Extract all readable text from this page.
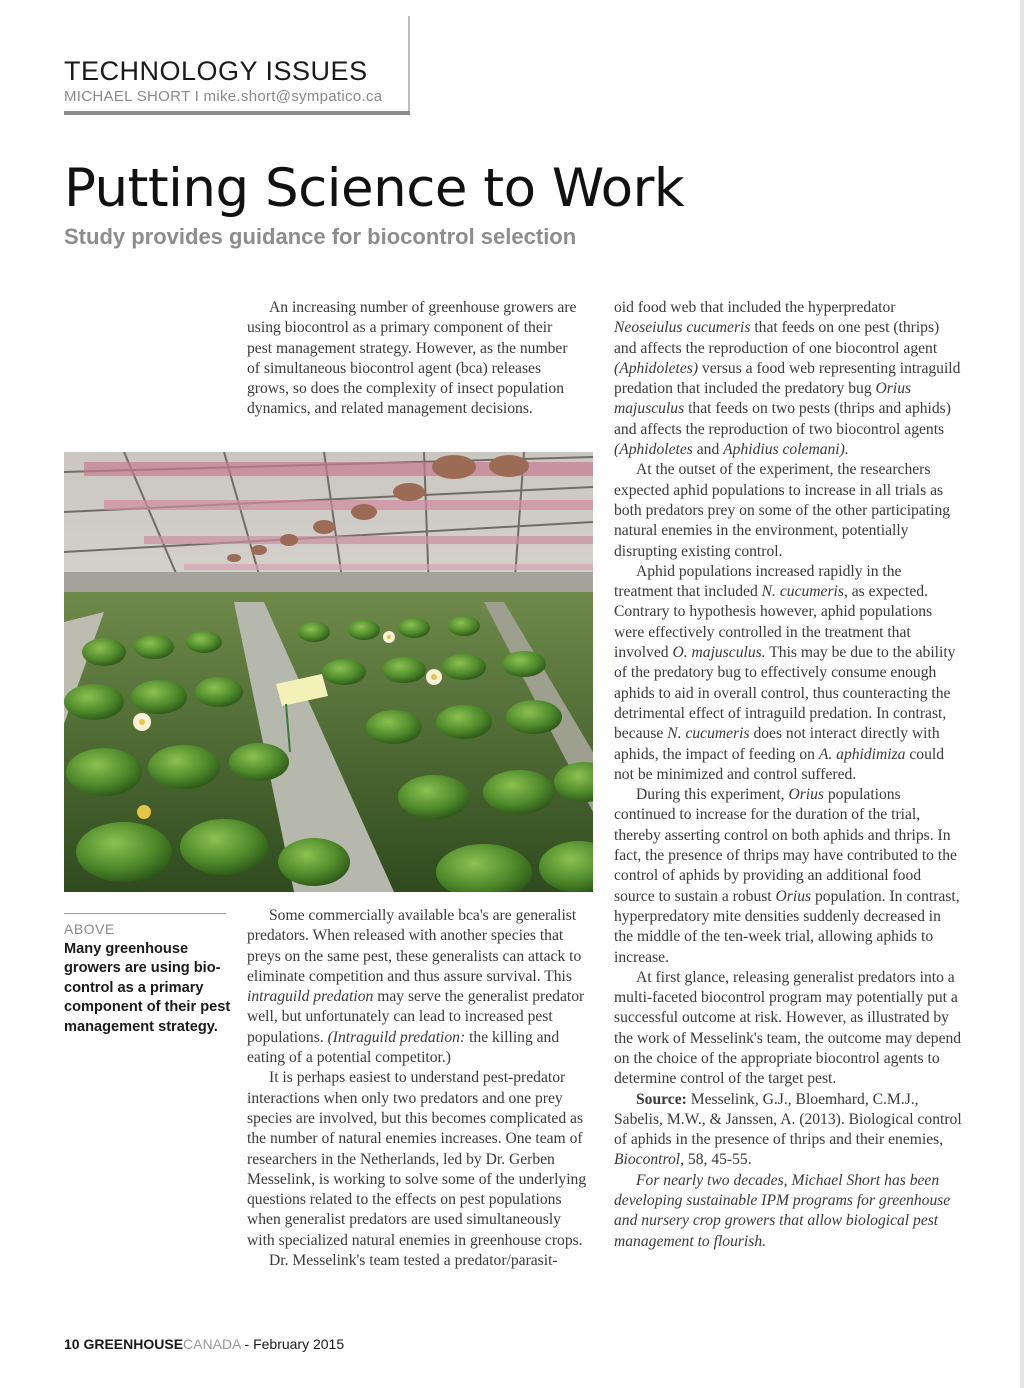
TECHNOLOGY ISSUES
MICHAEL SHORT I mike.short@sympatico.ca
Putting Science to Work
Study provides guidance for biocontrol selection

An increasing number of greenhouse growers are using biocontrol as a primary component of their pest management strategy. However, as the number of simultaneous biocontrol agent (bca) releases grows, so does the complexity of insect population dynamics, and related management decisions.

ABOVE
Many greenhouse growers are using bio-control as a primary component of their pest management strategy.

Some commercially available bca's are generalist predators. When released with another species that preys on the same pest, these generalists can attack to eliminate competition and thus assure survival. This intraguild predation may serve the generalist predator well, but unfortunately can lead to increased pest populations. (Intraguild predation: the killing and eating of a potential competitor.)

It is perhaps easiest to understand pest-predator interactions when only two predators and one prey species are involved, but this becomes complicated as the number of natural enemies increases. One team of researchers in the Netherlands, led by Dr. Gerben Messelink, is working to solve some of the underlying questions related to the effects on pest populations when generalist predators are used simultaneously with specialized natural enemies in greenhouse crops.

Dr. Messelink's team tested a predator/parasit-

oid food web that included the hyperpredator Neoseiulus cucumeris that feeds on one pest (thrips) and affects the reproduction of one biocontrol agent (Aphidoletes) versus a food web representing intraguild predation that included the predatory bug Orius majusculus that feeds on two pests (thrips and aphids) and affects the reproduction of two biocontrol agents (Aphidoletes and Aphidius colemani).

At the outset of the experiment, the researchers expected aphid populations to increase in all trials as both predators prey on some of the other participating natural enemies in the environment, potentially disrupting existing control.

Aphid populations increased rapidly in the treatment that included N. cucumeris, as expected. Contrary to hypothesis however, aphid populations were effectively controlled in the treatment that involved O. majusculus. This may be due to the ability of the predatory bug to effectively consume enough aphids to aid in overall control, thus counteracting the detrimental effect of intraguild predation. In contrast, because N. cucumeris does not interact directly with aphids, the impact of feeding on A. aphidimiza could not be minimized and control suffered.

During this experiment, Orius populations continued to increase for the duration of the trial, thereby asserting control on both aphids and thrips. In fact, the presence of thrips may have contributed to the control of aphids by providing an additional food source to sustain a robust Orius population. In contrast, hyperpredatory mite densities suddenly decreased in the middle of the ten-week trial, allowing aphids to increase.

At first glance, releasing generalist predators into a multi-faceted biocontrol program may potentially put a successful outcome at risk. However, as illustrated by the work of Messelink's team, the outcome may depend on the choice of the appropriate biocontrol agents to determine control of the target pest.

Source: Messelink, G.J., Bloemhard, C.M.J., Sabelis, M.W., & Janssen, A. (2013). Biological control of aphids in the presence of thrips and their enemies, Biocontrol, 58, 45-55.

For nearly two decades, Michael Short has been developing sustainable IPM programs for greenhouse and nursery crop growers that allow biological pest management to flourish.

10 GREENHOUSECANADA - February 2015
